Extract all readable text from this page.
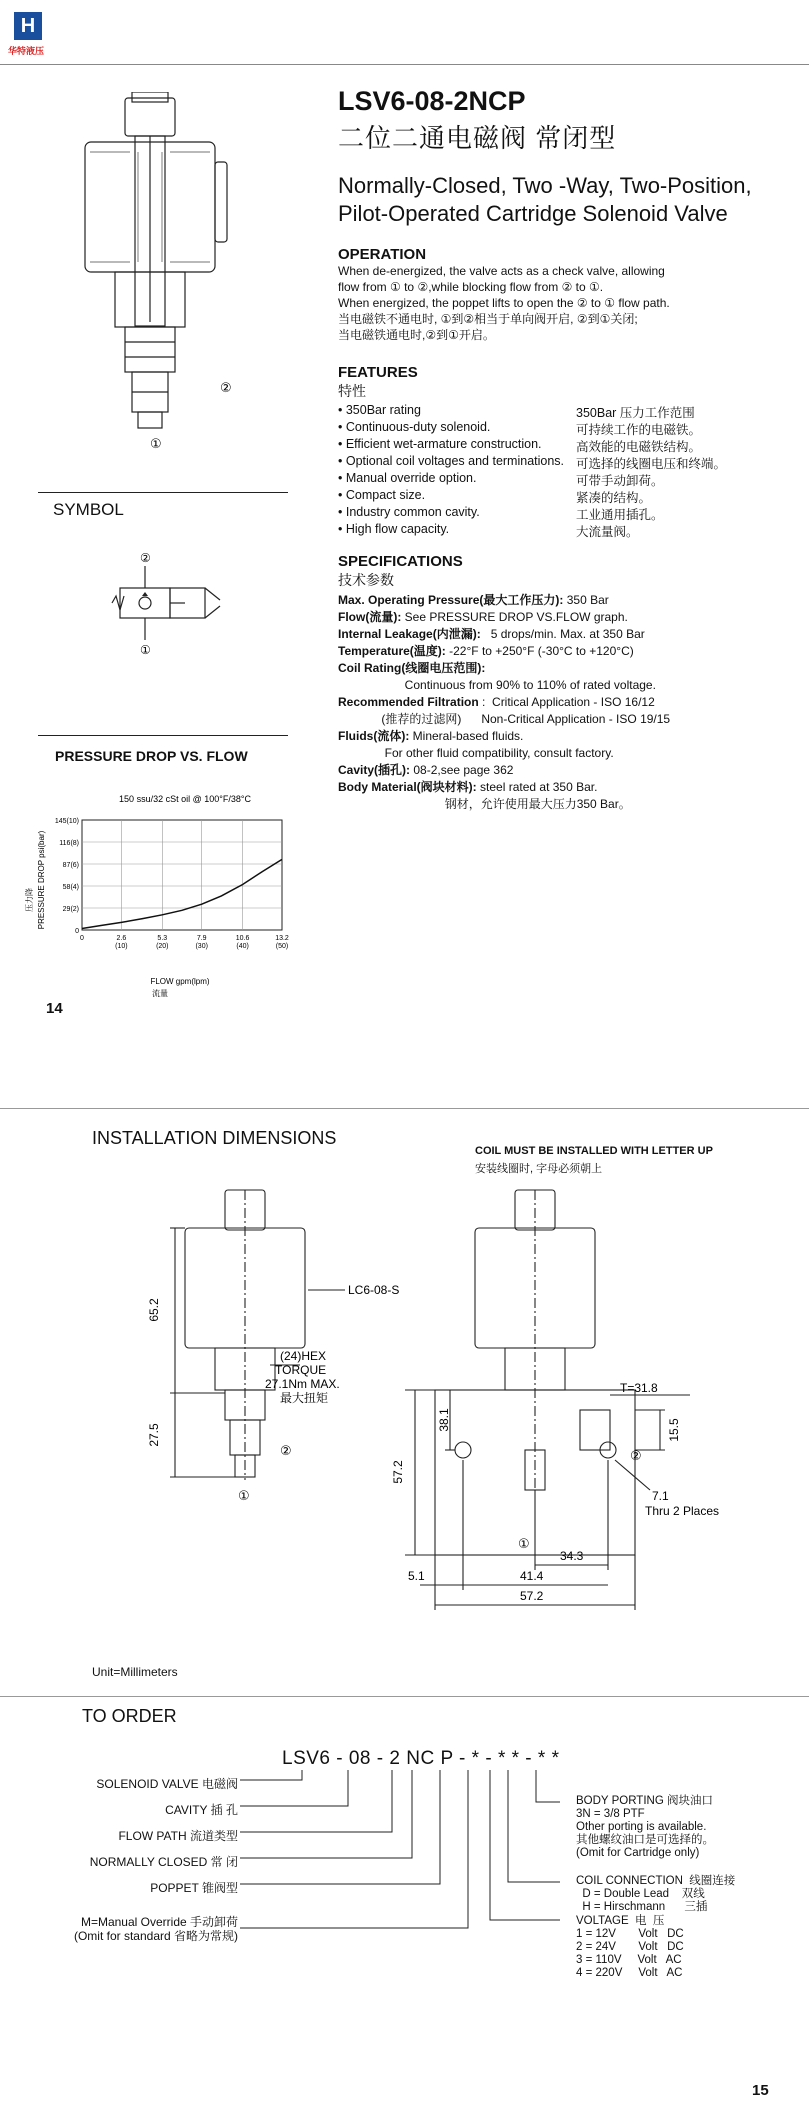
H
华特液压
LSV6-08-2NCP
二位二通电磁阀 常闭型
Normally-Closed, Two -Way, Two-Position,
Pilot-Operated Cartridge Solenoid Valve
②
①
SYMBOL
②
①
PRESSURE DROP VS. FLOW
150 ssu/32 cSt oil @ 100°F/38°C
0
29(2)
58(4)
87(6)
116(8)
145(10)
0	2.6
(10)
5.3
(20)
7.9
(30)
10.6
(40)
13.2
(50)
压力降 PRESSURE DROP psi(bar)
FLOW gpm(lpm)
流量
14
OPERATION
When de-energized, the valve acts as a check valve, allowing
flow from ① to ②,while blocking flow from ② to ①.
When energized, the poppet lifts to open the ② to ① flow path.
当电磁铁不通电时, ①到②相当于单向阀开启, ②到①关闭;
当电磁铁通电时,②到①开启。
FEATURES
特性
• 350Bar rating	350Bar 压力工作范围
• Continuous-duty solenoid.	可持续工作的电磁铁。
• Efficient wet-armature construction.	高效能的电磁铁结构。
• Optional coil voltages and terminations. 可选择的线圈电压和终端。
• Manual override option.	可带手动卸荷。
• Compact size.	紧凑的结构。
• Industry common cavity.	工业通用插孔。
• High flow capacity.	大流量阀。
SPECIFICATIONS
技术参数
Max. Operating Pressure(最大工作压力): 350 Bar
Flow(流量): See PRESSURE DROP VS.FLOW graph.
Internal Leakage(内泄漏):   5 drops/min. Max. at 350 Bar
Temperature(温度): -22°F to +250°F (-30°C to +120°C)
Coil Rating(线圈电压范围):
Continuous from 90% to 110% of rated voltage.
Recommended Filtration :  Critical Application - ISO 16/12
(推荐的过滤网)      Non-Critical Application - ISO 19/15
Fluids(流体): Mineral-based fluids.
For other fluid compatibility, consult factory.
Cavity(插孔): 08-2,see page 362
Body Material(阀块材料): steel rated at 350 Bar.
钢材，允许使用最大压力350 Bar。
INSTALLATION DIMENSIONS
COIL MUST BE INSTALLED WITH LETTER UP
安装线圈时, 字母必须朝上
65.2
27.5
LC6-08-S
(24)HEX
TORQUE
27.1Nm MAX.
最大扭矩
②
①
57.2
38.1
T=31.8
15.5
②
7.1
Thru 2 Places
①
34.3
41.4
57.2
5.1
Unit=Millimeters
TO ORDER
LSV6 - 08 - 2 NC P - * - * * - * *
SOLENOID VALVE 电磁阀
CAVITY 插 孔
FLOW PATH 流道类型
NORMALLY CLOSED 常 闭
POPPET 锥阀型
M=Manual Override 手动卸荷
(Omit for standard 省略为常规)
BODY PORTING 阀块油口
3N = 3/8 PTF
Other porting is available.
其他螺纹油口是可选择的。
(Omit for Cartridge only)
COIL CONNECTION  线圈连接
D = Double Lead    双线
H = Hirschmann      三插
VOLTAGE  电  压
1 = 12V       Volt   DC
2 = 24V       Volt   DC
3 = 110V     Volt   AC
4 = 220V     Volt   AC
15
